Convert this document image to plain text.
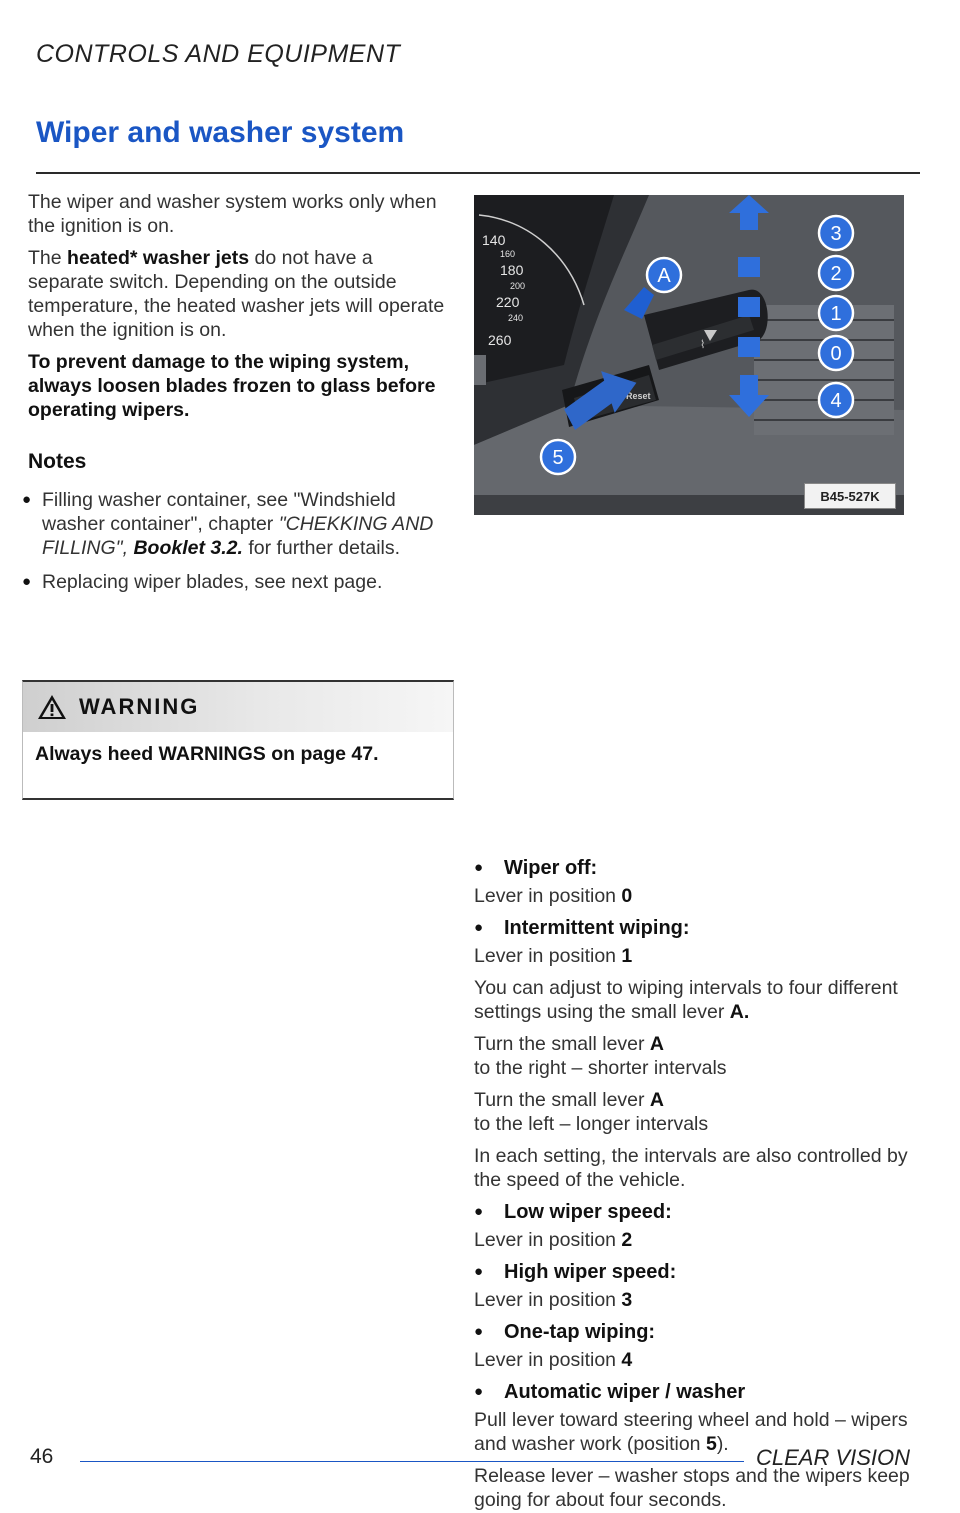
CONTROLS AND EQUIPMENT
Wiper and washer system

The wiper and washer system works only when the ignition is on.

The heated* washer jets do not have a separate switch. Depending on the outside temperature, the heated washer jets will operate when the ignition is on.

To prevent damage to the wiping system, always loosen blades frozen to glass before operating wipers.

Notes
● Filling washer container, see "Windshield washer container", chapter "CHEKKING AND FILLING", Booklet 3.2. for further details.
● Replacing wiper blades, see next page.
WARNING
Always heed WARNINGS on page 47.
140
160
180
200
220
240
260	⌇
Reset
A
3
2
1
0
4
5
B45-527K
●	Wiper off:

Lever in position 0

●	Intermittent wiping:

Lever in position 1

You can adjust to wiping intervals to four different settings using the small lever A.

Turn the small lever A
to the right – shorter intervals

Turn the small lever A
to the left – longer intervals

In each setting, the intervals are also controlled by the speed of the vehicle.

●	Low wiper speed:

Lever in position 2

●	High wiper speed:

Lever in position 3

●	One-tap wiping:

Lever in position 4

●	Automatic wiper / washer

Pull lever toward steering wheel and hold – wipers and washer work (position 5).

Release lever – washer stops and the wipers keep going for about four seconds.

46	CLEAR VISION
